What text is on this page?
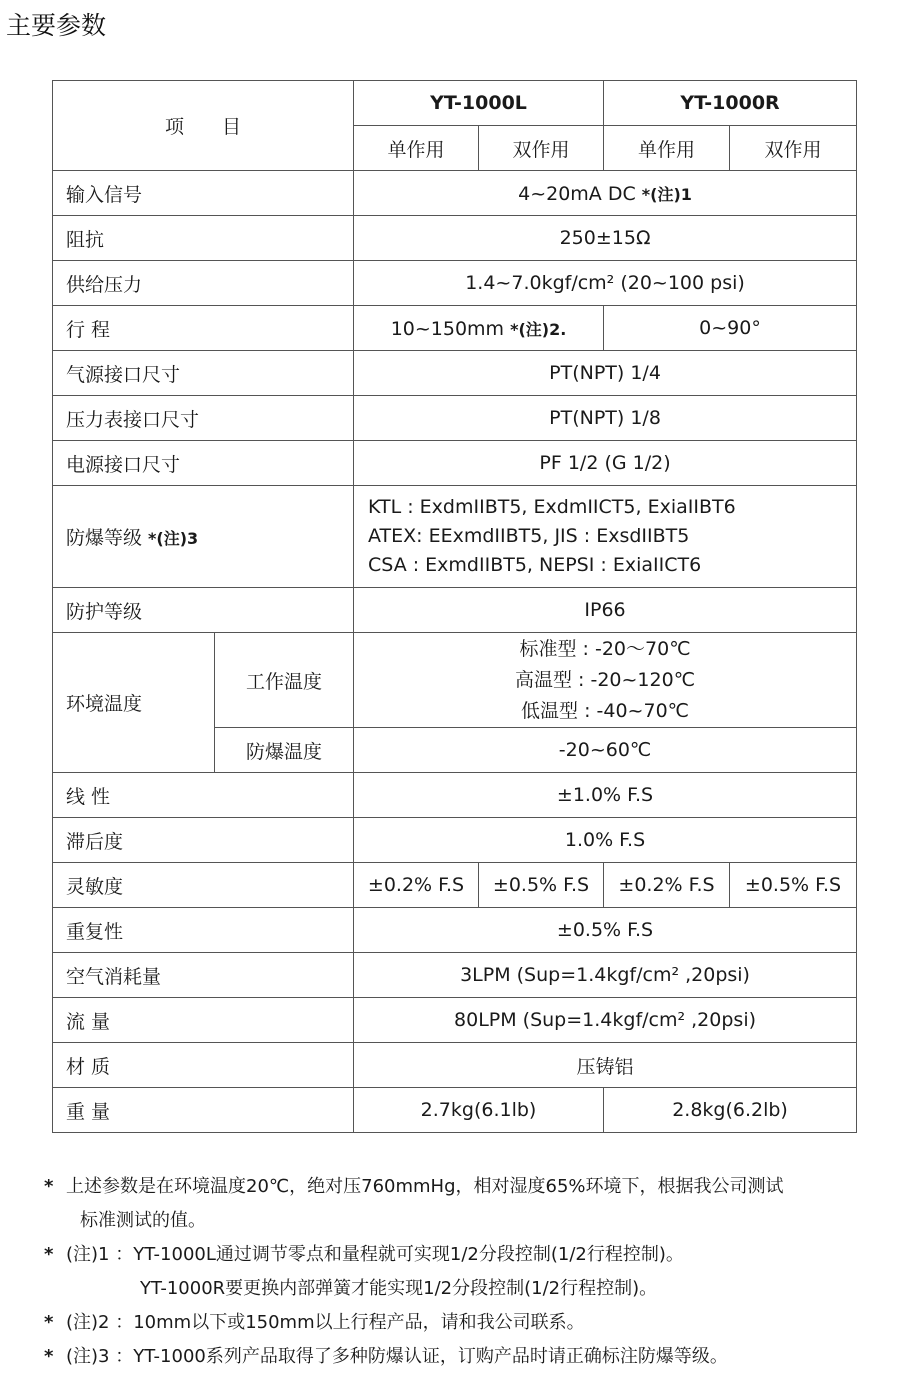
主要参数
项　　目		YT-1000L		YT-1000R	
		单作用	双作用	单作用	双作用
输入信号		4~20mA DC *(注)1			
阻抗		250±15Ω			
供给压力		1.4~7.0kgf/cm² (20~100 psi)			
行 程		10~150mm *(注)2.		0~90°	
气源接口尺寸		PT(NPT) 1/4			
压力表接口尺寸		PT(NPT) 1/8			
电源接口尺寸		PF 1/2 (G 1/2)			
防爆等级 *(注)3		KTL : ExdmIIBT5, ExdmIICT5, ExiaIIBT6
ATEX: EExmdIIBT5, JIS : ExsdIIBT5
CSA : ExmdIIBT5, NEPSI : ExiaIICT6			

防护等级		IP66			
环境温度	工作温度	标准型 : -20～70℃
高温型 : -20~120℃
低温型 : -40~70℃			

	防爆温度	-20~60℃			
线 性		±1.0% F.S			
滞后度		1.0% F.S			
灵敏度		±0.2% F.S	±0.5% F.S	±0.2% F.S	±0.5% F.S
重复性		±0.5% F.S			
空气消耗量		3LPM (Sup=1.4kgf/cm² ,20psi)			
流 量		80LPM (Sup=1.4kgf/cm² ,20psi)			
材 质		压铸铝			
重 量		2.7kg(6.1lb)		2.8kg(6.2lb)	
* 上述参数是在环境温度20℃，绝对压760mmHg，相对湿度65%环境下，根据我公司测试
标准测试的值。
* (注)1 ：YT-1000L通过调节零点和量程就可实现1/2分段控制(1/2行程控制)。
YT-1000R要更换内部弹簧才能实现1/2分段控制(1/2行程控制)。
* (注)2 ：10mm以下或150mm以上行程产品，请和我公司联系。
* (注)3 ：YT-1000系列产品取得了多种防爆认证，订购产品时请正确标注防爆等级。
